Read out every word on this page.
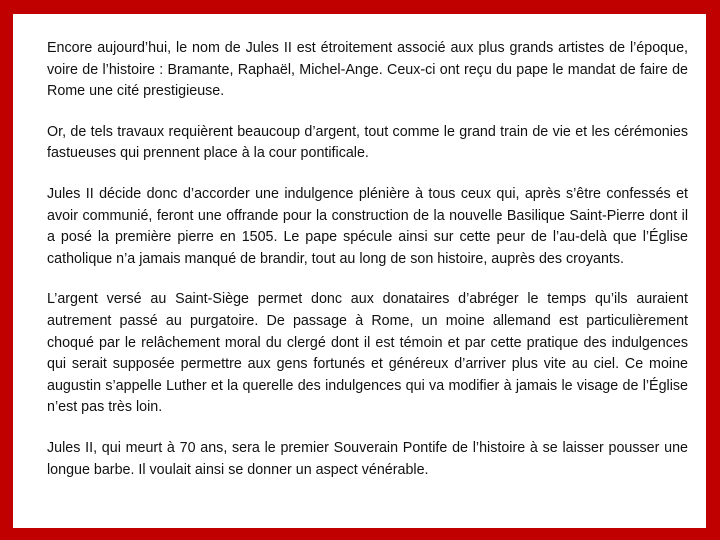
Encore aujourd’hui, le nom de Jules II est étroitement associé aux plus grands artistes de l’époque, voire de l’histoire : Bramante, Raphaël, Michel-Ange. Ceux-ci ont reçu du pape le mandat de faire de Rome une cité prestigieuse.

Or, de tels travaux requièrent beaucoup d’argent, tout comme le grand train de vie et les cérémonies fastueuses qui prennent place à la cour pontificale.

Jules II décide donc d’accorder une indulgence plénière à tous ceux qui, après s’être confessés et avoir communié, feront une offrande pour la construction de la nouvelle Basilique Saint-Pierre dont il a posé la première pierre en 1505. Le pape spécule ainsi sur cette peur de l’au-delà que l’Église catholique n’a jamais manqué de brandir, tout au long de son histoire, auprès des croyants.

L’argent versé au Saint-Siège permet donc aux donataires d’abréger le temps qu’ils auraient autrement passé au purgatoire. De passage à Rome, un moine allemand est particulièrement choqué par le relâchement moral du clergé dont il est témoin et par cette pratique des indulgences qui serait supposée permettre aux gens fortunés et généreux d’arriver plus vite au ciel. Ce moine augustin s’appelle Luther et la querelle des indulgences qui va modifier à jamais le visage de l’Église n’est pas très loin.

Jules II, qui meurt à 70 ans, sera le premier Souverain Pontife de l’histoire à se laisser pousser une longue barbe. Il voulait ainsi se donner un aspect vénérable.
